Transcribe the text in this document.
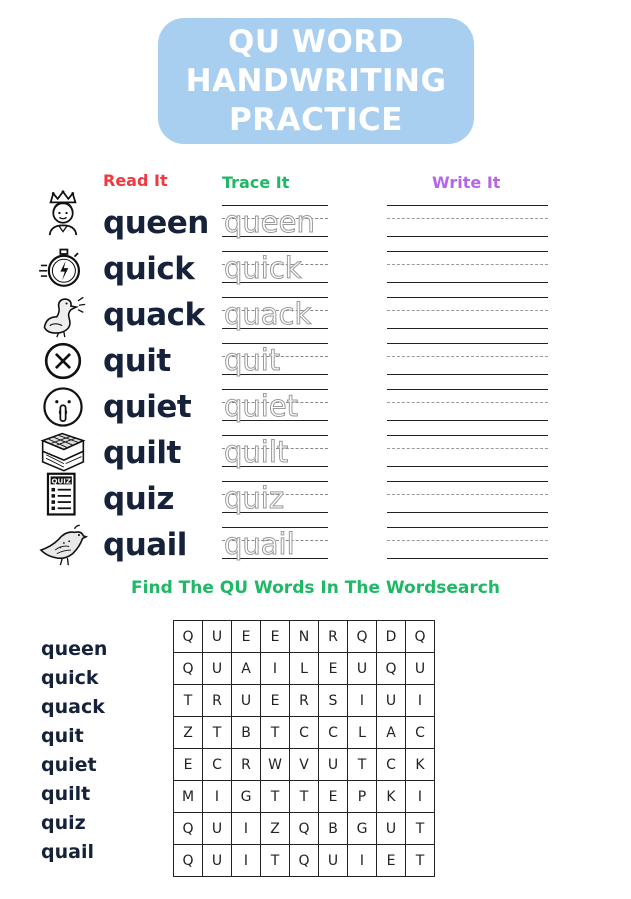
QU WORD
HANDWRITING
PRACTICE
Read It	Trace It	Write It
queen queen
quick quick
quack quack
quit quit
quiet quiet
quilt quilt
QUIZ quiz quiz
quail quail
Find The QU Words In The Wordsearch
queen
quick
quack
quit
quiet
quilt
quiz
quail
Q	U	E	E	N	R	Q	D	Q
Q	U	A	I	L	E	U	Q	U
T	R	U	E	R	S	I	U	I
Z	T	B	T	C	C	L	A	C
E	C	R	W	V	U	T	C	K
M	I	G	T	T	E	P	K	I
Q	U	I	Z	Q	B	G	U	T
Q	U	I	T	Q	U	I	E	T
